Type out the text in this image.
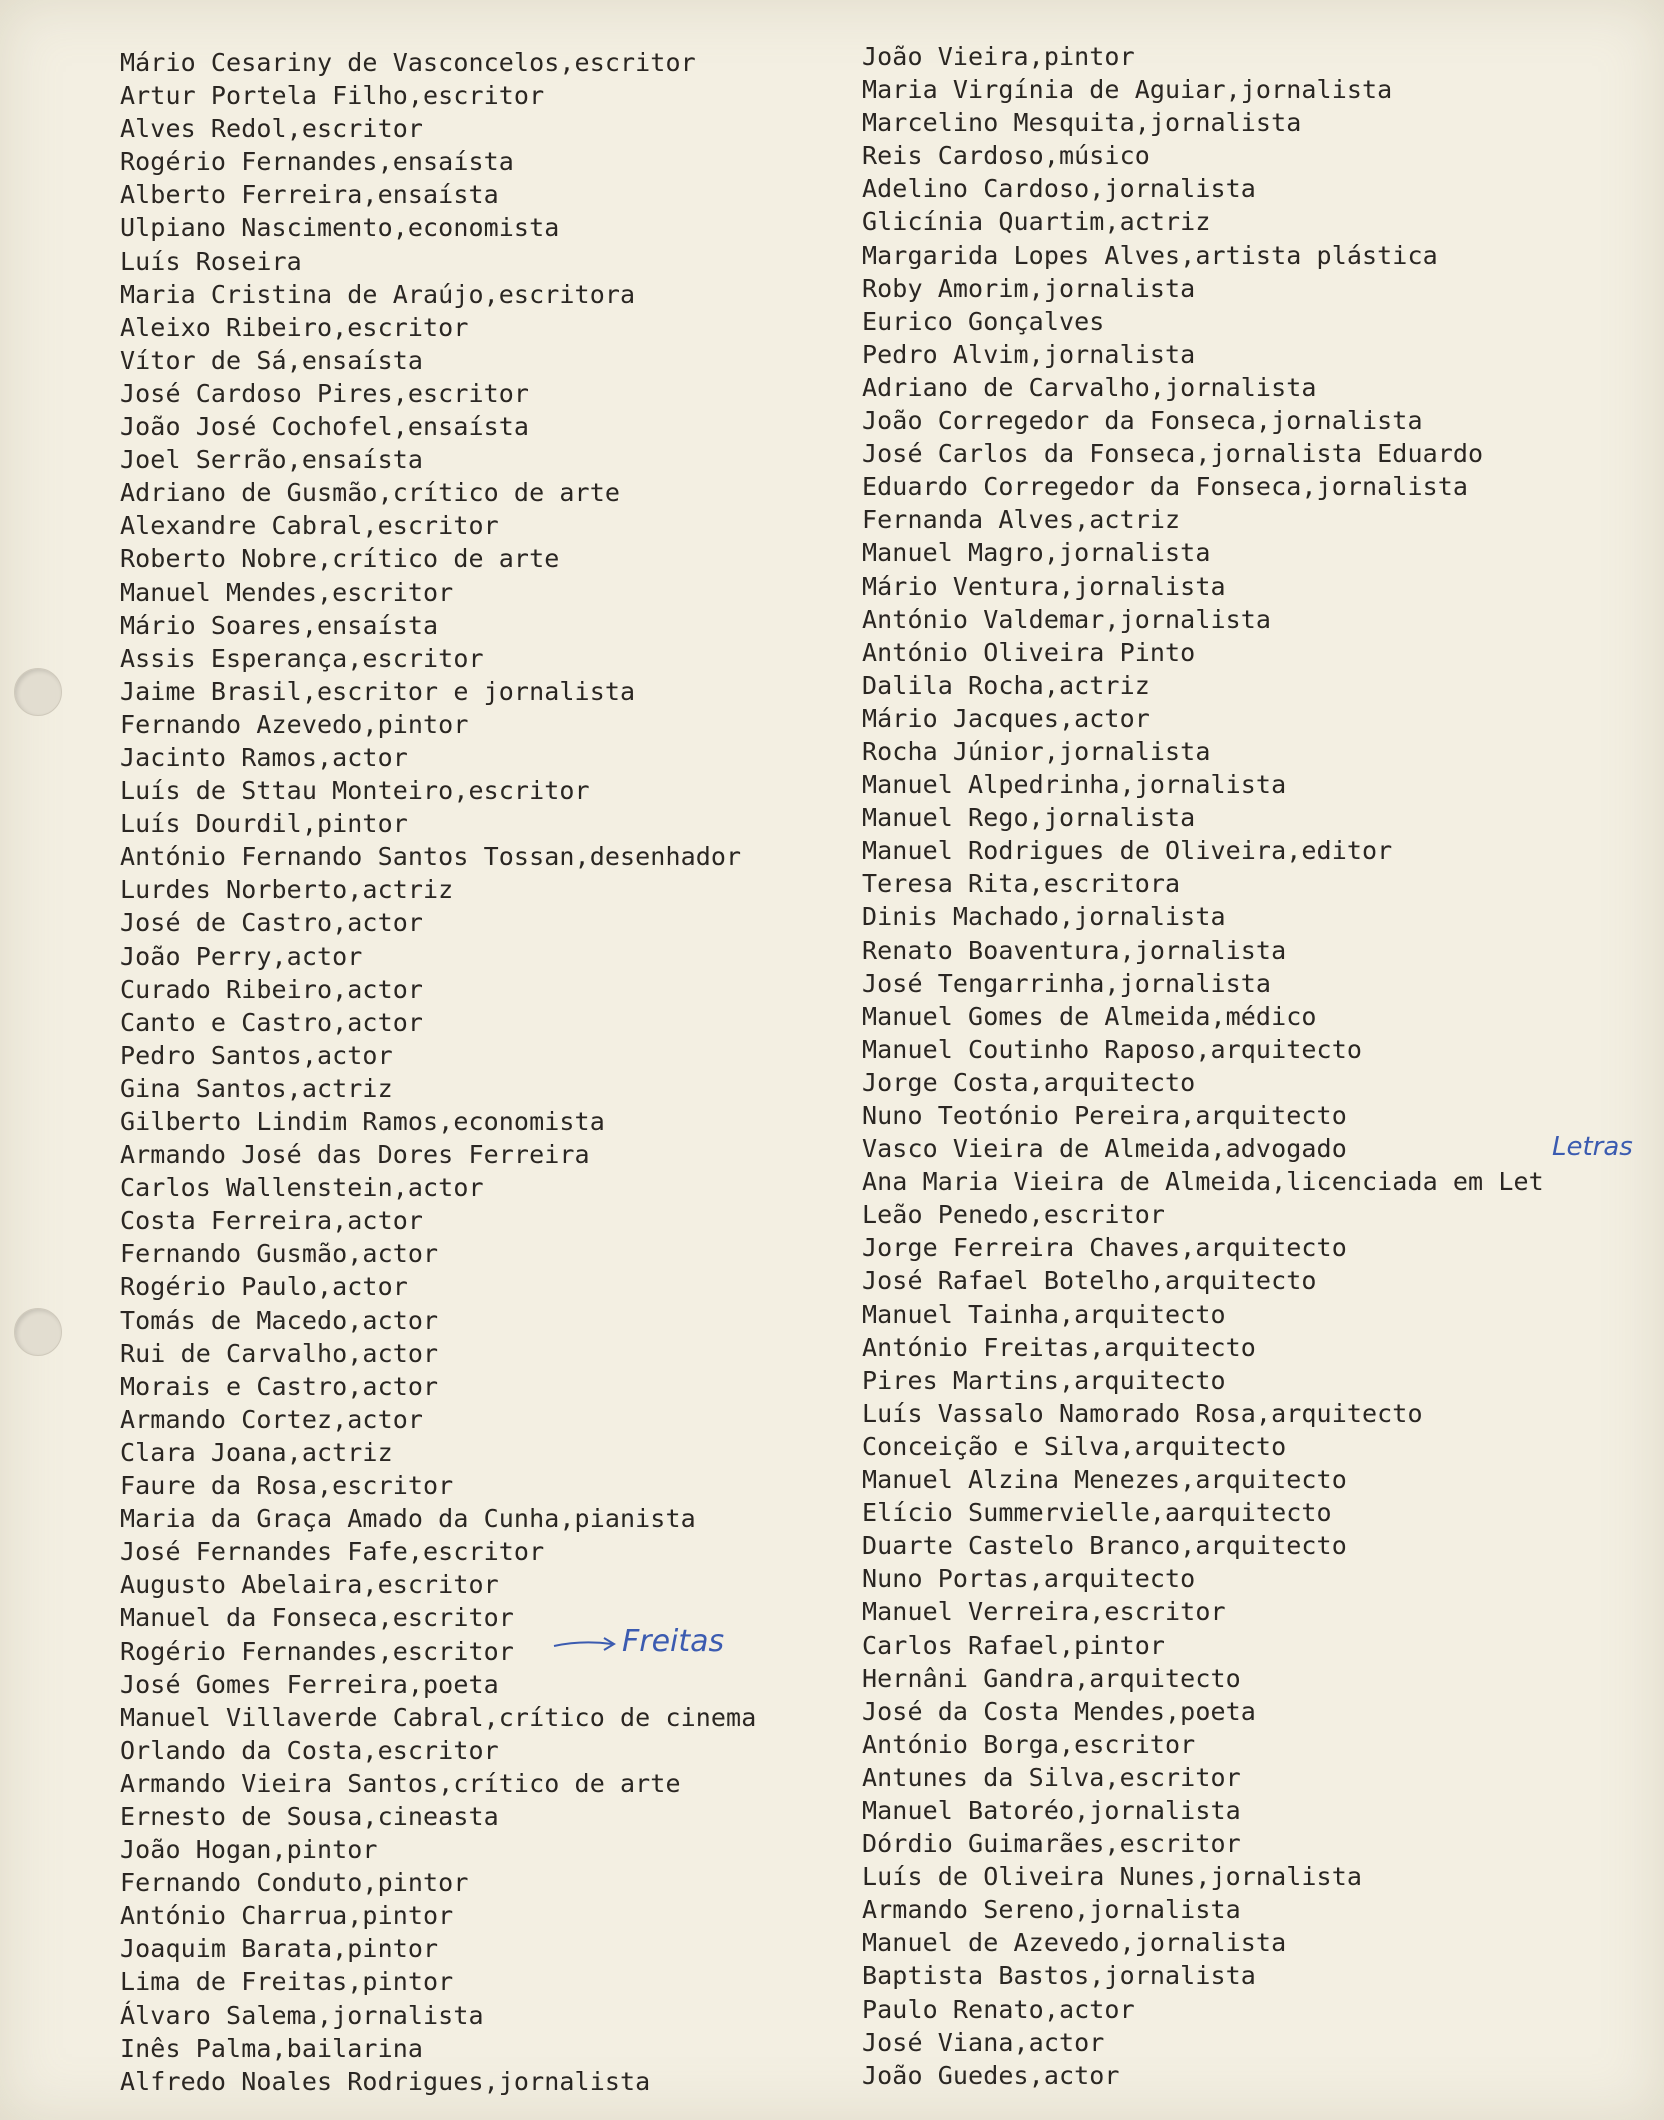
Mário Cesariny de Vasconcelos,escritor
Artur Portela Filho,escritor
Alves Redol,escritor
Rogério Fernandes,ensaísta
Alberto Ferreira,ensaísta
Ulpiano Nascimento,economista
Luís Roseira
Maria Cristina de Araújo,escritora
Aleixo Ribeiro,escritor
Vítor de Sá,ensaísta
José Cardoso Pires,escritor
João José Cochofel,ensaísta
Joel Serrão,ensaísta
Adriano de Gusmão,crítico de arte
Alexandre Cabral,escritor
Roberto Nobre,crítico de arte
Manuel Mendes,escritor
Mário Soares,ensaísta
Assis Esperança,escritor
Jaime Brasil,escritor e jornalista
Fernando Azevedo,pintor
Jacinto Ramos,actor
Luís de Sttau Monteiro,escritor
Luís Dourdil,pintor
António Fernando Santos Tossan,desenhador
Lurdes Norberto,actriz
José de Castro,actor
João Perry,actor
Curado Ribeiro,actor
Canto e Castro,actor
Pedro Santos,actor
Gina Santos,actriz
Gilberto Lindim Ramos,economista
Armando José das Dores Ferreira
Carlos Wallenstein,actor
Costa Ferreira,actor
Fernando Gusmão,actor
Rogério Paulo,actor
Tomás de Macedo,actor
Rui de Carvalho,actor
Morais e Castro,actor
Armando Cortez,actor
Clara Joana,actriz
Faure da Rosa,escritor
Maria da Graça Amado da Cunha,pianista
José Fernandes Fafe,escritor
Augusto Abelaira,escritor
Manuel da Fonseca,escritor
Rogério Fernandes,escritor
José Gomes Ferreira,poeta
Manuel Villaverde Cabral,crítico de cinema
Orlando da Costa,escritor
Armando Vieira Santos,crítico de arte
Ernesto de Sousa,cineasta
João Hogan,pintor
Fernando Conduto,pintor
António Charrua,pintor
Joaquim Barata,pintor
Lima de Freitas,pintor
Álvaro Salema,jornalista
Inês Palma,bailarina
Alfredo Noales Rodrigues,jornalista
João Vieira,pintor
Maria Virgínia de Aguiar,jornalista
Marcelino Mesquita,jornalista
Reis Cardoso,músico
Adelino Cardoso,jornalista
Glicínia Quartim,actriz
Margarida Lopes Alves,artista plástica
Roby Amorim,jornalista
Eurico Gonçalves
Pedro Alvim,jornalista
Adriano de Carvalho,jornalista
João Corregedor da Fonseca,jornalista
José Carlos da Fonseca,jornalista Eduardo
Eduardo Corregedor da Fonseca,jornalista
Fernanda Alves,actriz
Manuel Magro,jornalista
Mário Ventura,jornalista
António Valdemar,jornalista
António Oliveira Pinto
Dalila Rocha,actriz
Mário Jacques,actor
Rocha Júnior,jornalista
Manuel Alpedrinha,jornalista
Manuel Rego,jornalista
Manuel Rodrigues de Oliveira,editor
Teresa Rita,escritora
Dinis Machado,jornalista
Renato Boaventura,jornalista
José Tengarrinha,jornalista
Manuel Gomes de Almeida,médico
Manuel Coutinho Raposo,arquitecto
Jorge Costa,arquitecto
Nuno Teotónio Pereira,arquitecto
Vasco Vieira de Almeida,advogado
Ana Maria Vieira de Almeida,licenciada em Let
Leão Penedo,escritor
Jorge Ferreira Chaves,arquitecto
José Rafael Botelho,arquitecto
Manuel Tainha,arquitecto
António Freitas,arquitecto
Pires Martins,arquitecto
Luís Vassalo Namorado Rosa,arquitecto
Conceição e Silva,arquitecto
Manuel Alzina Menezes,arquitecto
Elício Summervielle,aarquitecto
Duarte Castelo Branco,arquitecto
Nuno Portas,arquitecto
Manuel Verreira,escritor
Carlos Rafael,pintor
Hernâni Gandra,arquitecto
José da Costa Mendes,poeta
António Borga,escritor
Antunes da Silva,escritor
Manuel Batoréo,jornalista
Dórdio Guimarães,escritor
Luís de Oliveira Nunes,jornalista
Armando Sereno,jornalista
Manuel de Azevedo,jornalista
Baptista Bastos,jornalista
Paulo Renato,actor
José Viana,actor
João Guedes,actor
Freitas
Letras
